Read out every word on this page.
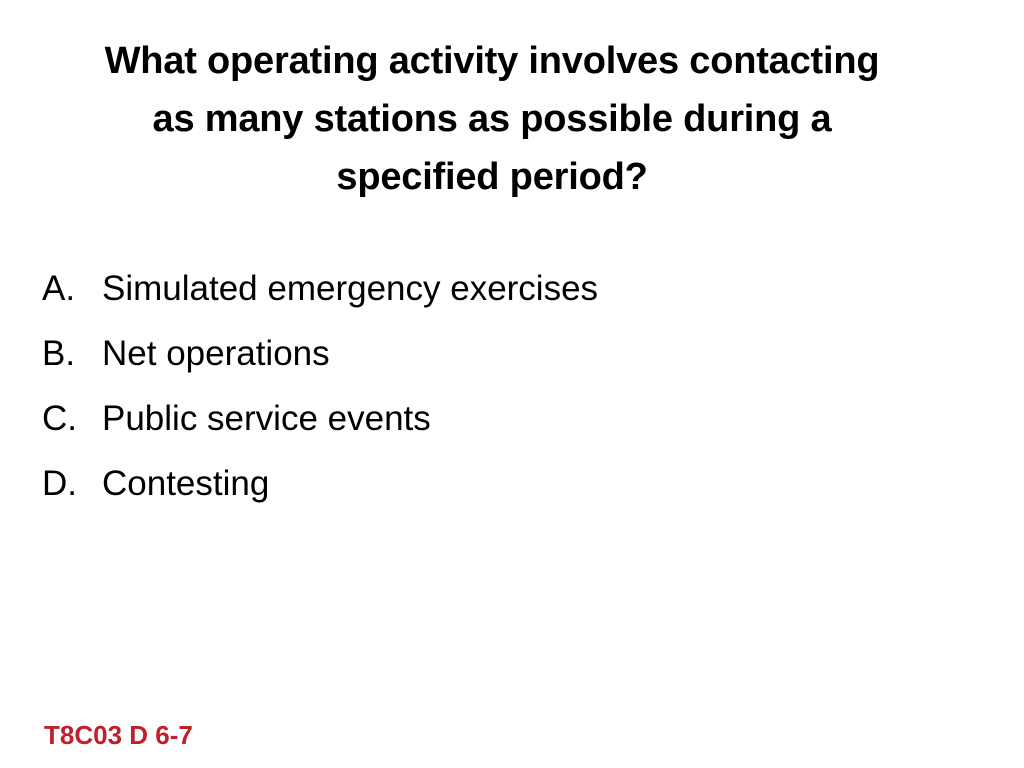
What operating activity involves contacting
as many stations as possible during a
specified period?
A. Simulated emergency exercises
B. Net operations
C. Public service events
D. Contesting
T8C03 D 6-7
